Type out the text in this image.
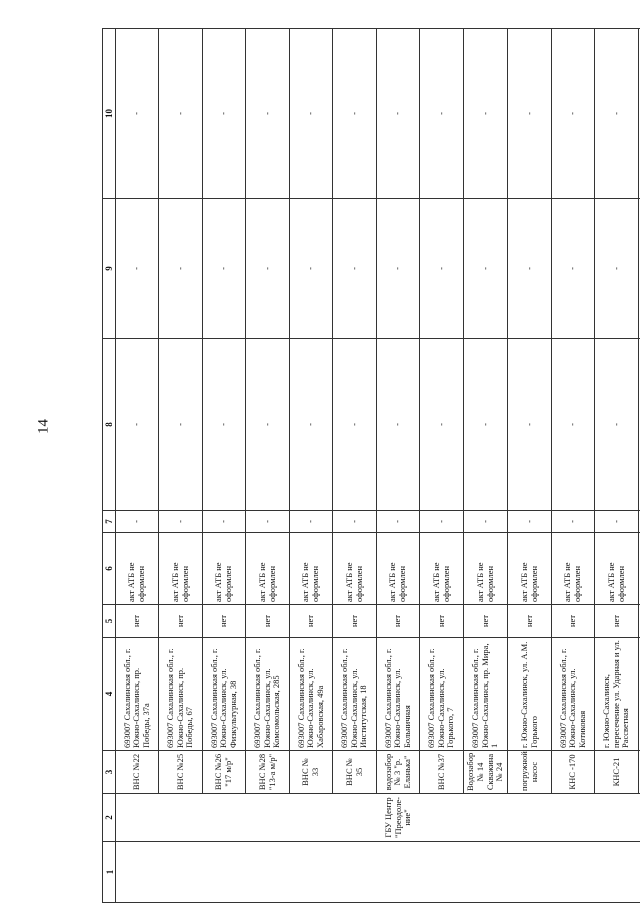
14
1	2	3	4	5	6	7	8	9	10
	ГБУ Центр "Преодоле-ние"	ВНС №22	693007 Сахалинская обл., г. Южно-Сахалинск, пр. Победы, 37а	нет	акт АТБ не оформлен	-	-	-	-
		ВНС №25	693007 Сахалинская обл., г. Южно-Сахалинск, пр. Победы, 67	нет	акт АТБ не оформлен	-	-	-	-
		ВНС №26 "17 м/р"	693007 Сахалинская обл., г. Южно-Сахалинск, ул. Физкультурная, 38	нет	акт АТБ не оформлен	-	-	-	-
		ВНС №28 "13-а м/р"	693007 Сахалинская обл., г. Южно-Сахалинск, ул. Комсомольская, 285	нет	акт АТБ не оформлен	-	-	-	-
		ВНС № 33	693007 Сахалинская обл., г. Южно-Сахалинск, ул. Хабаровская, 49а	нет	акт АТБ не оформлен	-	-	-	-
		ВНС № 35	693007 Сахалинская обл., г. Южно-Сахалинск, ул. Институтская, 18	нет	акт АТБ не оформлен	-	-	-	-
		водозабор № 3 "р. Еланька"	693007 Сахалинская обл., г. Южно-Сахалинск, ул. Больничная	нет	акт АТБ не оформлен	-	-	-	-
		ВНС №37	693007 Сахалинская обл., г. Южно-Сахалинск, ул. Горького, 7	нет	акт АТБ не оформлен	-	-	-	-
		Водозабор № 14 Скважина № 24	693007 Сахалинская обл., г. Южно-Сахалинск, пр. Мира, 1	нет	акт АТБ не оформлен	-	-	-	-
		погружной насос	г. Южно-Сахалинск, ул. А.М. Горького	нет	акт АТБ не оформлен	-	-	-	-
		КНС -170	693007 Сахалинская обл., г. Южно-Сахалинск, ул. Котиковая	нет	акт АТБ не оформлен	-	-	-	-
		КНС-21	г. Южно-Сахалинск, пересечение ул. Ударная и ул. Рассветная	нет	акт АТБ не оформлен	-	-	-	-
